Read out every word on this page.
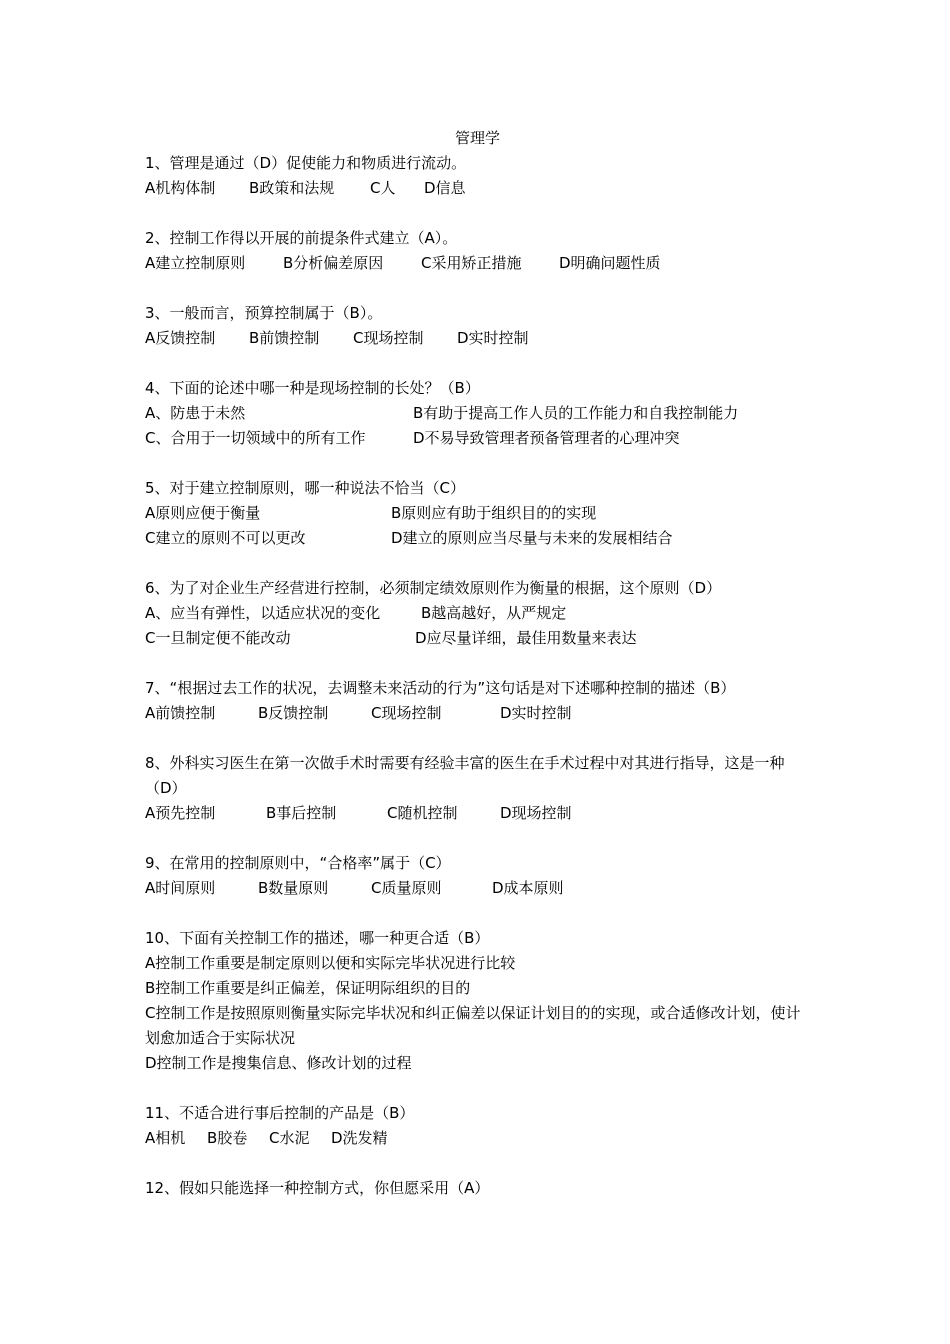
管理学
1、管理是通过（D）促使能力和物质进行流动。
A机构体制 B政策和法规 C人 D信息
2、控制工作得以开展的前提条件式建立（A）。
A建立控制原则	B分析偏差原因	C采用矫正措施	D明确问题性质
3、一般而言，预算控制属于（B）。
A反馈控制 B前馈控制 C现场控制 D实时控制
4、下面的论述中哪一种是现场控制的长处？（B）
A、防患于未然	B有助于提高工作人员的工作能力和自我控制能力
C、合用于一切领域中的所有工作	D不易导致管理者预备管理者的心理冲突
5、对于建立控制原则，哪一种说法不恰当（C）
A原则应便于衡量	B原则应有助于组织目的的实现
C建立的原则不可以更改	D建立的原则应当尽量与未来的发展相结合
6、为了对企业生产经营进行控制，必须制定绩效原则作为衡量的根据，这个原则（D）
A、应当有弹性，以适应状况的变化	B越高越好，从严规定
C一旦制定便不能改动	D应尽量详细，最佳用数量来表达
7、“根据过去工作的状况，去调整未来活动的行为”这句话是对下述哪种控制的描述（B）
A前馈控制	B反馈控制	C现场控制	D实时控制
8、外科实习医生在第一次做手术时需要有经验丰富的医生在手术过程中对其进行指导，这是一种（D）
A预先控制	B事后控制	C随机控制	D现场控制
9、在常用的控制原则中，“合格率”属于（C）
A时间原则	B数量原则	C质量原则	D成本原则
10、下面有关控制工作的描述，哪一种更合适（B）
A控制工作重要是制定原则以便和实际完毕状况进行比较
B控制工作重要是纠正偏差，保证明际组织的目的
C控制工作是按照原则衡量实际完毕状况和纠正偏差以保证计划目的的实现，或合适修改计划，使计划愈加适合于实际状况
D控制工作是搜集信息、修改计划的过程
11、不适合进行事后控制的产品是（B）
A相机 B胶卷 C水泥 D洗发精
12、假如只能选择一种控制方式，你但愿采用（A）
